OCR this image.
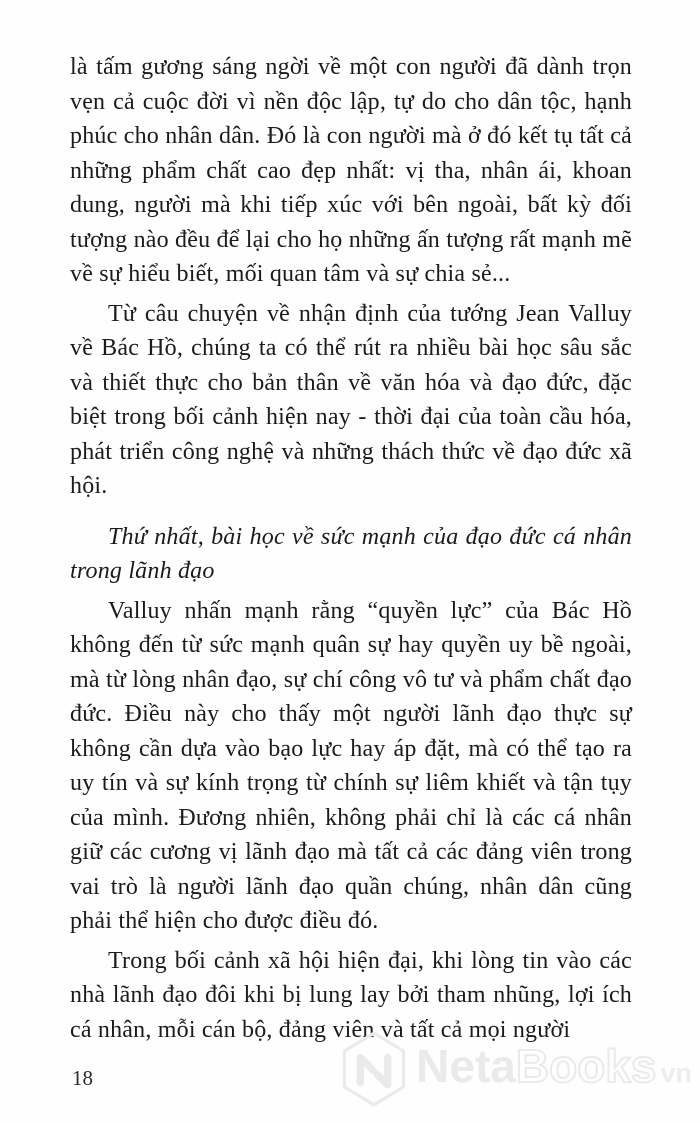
là tấm gương sáng ngời về một con người đã dành trọn vẹn cả cuộc đời vì nền độc lập, tự do cho dân tộc, hạnh phúc cho nhân dân. Đó là con người mà ở đó kết tụ tất cả những phẩm chất cao đẹp nhất: vị tha, nhân ái, khoan dung, người mà khi tiếp xúc với bên ngoài, bất kỳ đối tượng nào đều để lại cho họ những ấn tượng rất mạnh mẽ về sự hiểu biết, mối quan tâm và sự chia sẻ...

Từ câu chuyện về nhận định của tướng Jean Valluy về Bác Hồ, chúng ta có thể rút ra nhiều bài học sâu sắc và thiết thực cho bản thân về văn hóa và đạo đức, đặc biệt trong bối cảnh hiện nay - thời đại của toàn cầu hóa, phát triển công nghệ và những thách thức về đạo đức xã hội.

Thứ nhất, bài học về sức mạnh của đạo đức cá nhân trong lãnh đạo

Valluy nhấn mạnh rằng “quyền lực” của Bác Hồ không đến từ sức mạnh quân sự hay quyền uy bề ngoài, mà từ lòng nhân đạo, sự chí công vô tư và phẩm chất đạo đức. Điều này cho thấy một người lãnh đạo thực sự không cần dựa vào bạo lực hay áp đặt, mà có thể tạo ra uy tín và sự kính trọng từ chính sự liêm khiết và tận tụy của mình. Đương nhiên, không phải chỉ là các cá nhân giữ các cương vị lãnh đạo mà tất cả các đảng viên trong vai trò là người lãnh đạo quần chúng, nhân dân cũng phải thể hiện cho được điều đó.

Trong bối cảnh xã hội hiện đại, khi lòng tin vào các nhà lãnh đạo đôi khi bị lung lay bởi tham nhũng, lợi ích cá nhân, mỗi cán bộ, đảng viên và tất cả mọi người

18	Neta Books vn
